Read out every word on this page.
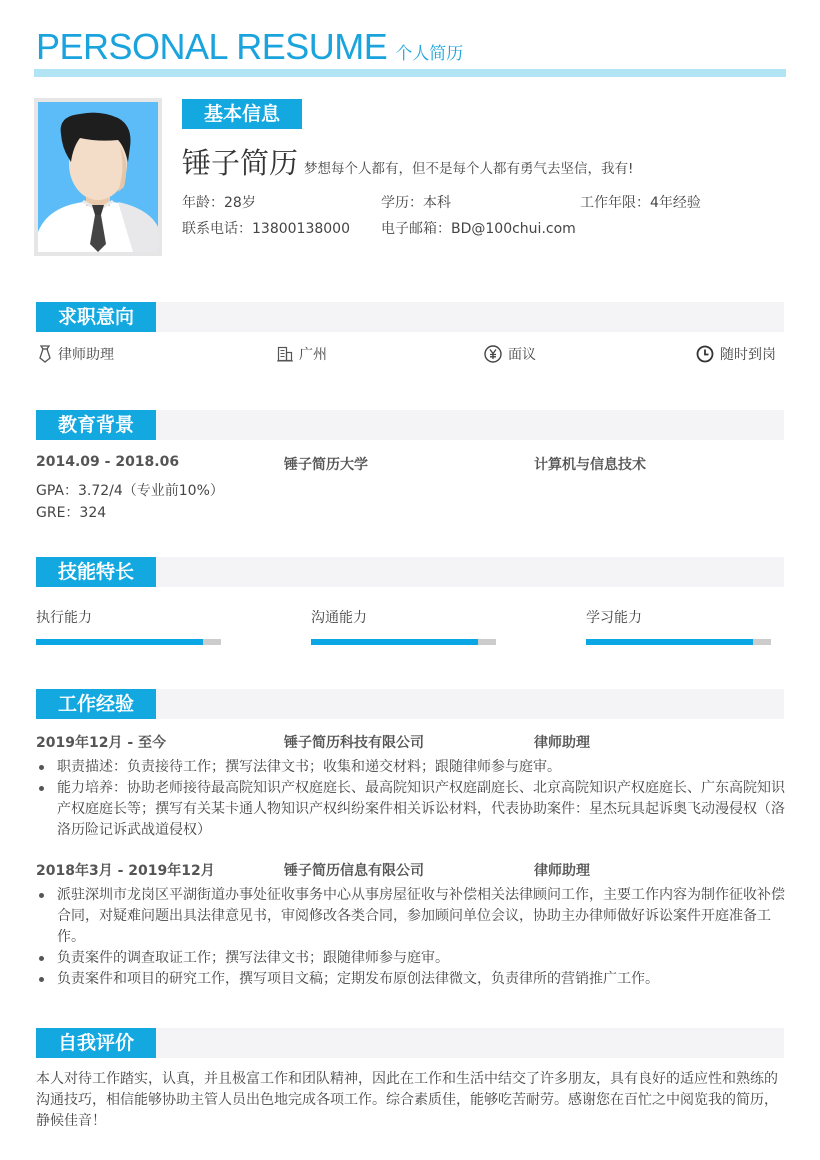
PERSONAL RESUME 个人简历
基本信息
锤子简历 梦想每个人都有，但不是每个人都有勇气去坚信，我有!
年龄：28岁	学历：本科	工作年限：4年经验
联系电话：13800138000	电子邮箱：BD@100chui.com
求职意向
律师助理	广州	面议	随时到岗
教育背景
2014.09 - 2018.06	锤子简历大学	计算机与信息技术
GPA：3.72/4（专业前10%）
GRE：324
技能特长
执行能力	沟通能力	学习能力
工作经验
2019年12月 - 至今	锤子简历科技有限公司	律师助理
职责描述：负责接待工作；撰写法律文书；收集和递交材料；跟随律师参与庭审。
能力培养：协助老师接待最高院知识产权庭庭长、最高院知识产权庭副庭长、北京高院知识产权庭庭长、广东高院知识产权庭庭长等；撰写有关某卡通人物知识产权纠纷案件相关诉讼材料，代表协助案件：星杰玩具起诉奥飞动漫侵权（洛洛历险记诉武战道侵权）
2018年3月 - 2019年12月	锤子简历信息有限公司	律师助理
派驻深圳市龙岗区平湖街道办事处征收事务中心从事房屋征收与补偿相关法律顾问工作，主要工作内容为制作征收补偿合同，对疑难问题出具法律意见书，审阅修改各类合同，参加顾问单位会议，协助主办律师做好诉讼案件开庭准备工作。
负责案件的调查取证工作；撰写法律文书；跟随律师参与庭审。
负责案件和项目的研究工作，撰写项目文稿；定期发布原创法律微文，负责律所的营销推广工作。
自我评价
本人对待工作踏实，认真，并且极富工作和团队精神，因此在工作和生活中结交了许多朋友，具有良好的适应性和熟练的沟通技巧，相信能够协助主管人员出色地完成各项工作。综合素质佳，能够吃苦耐劳。感谢您在百忙之中阅览我的简历，静候佳音！
